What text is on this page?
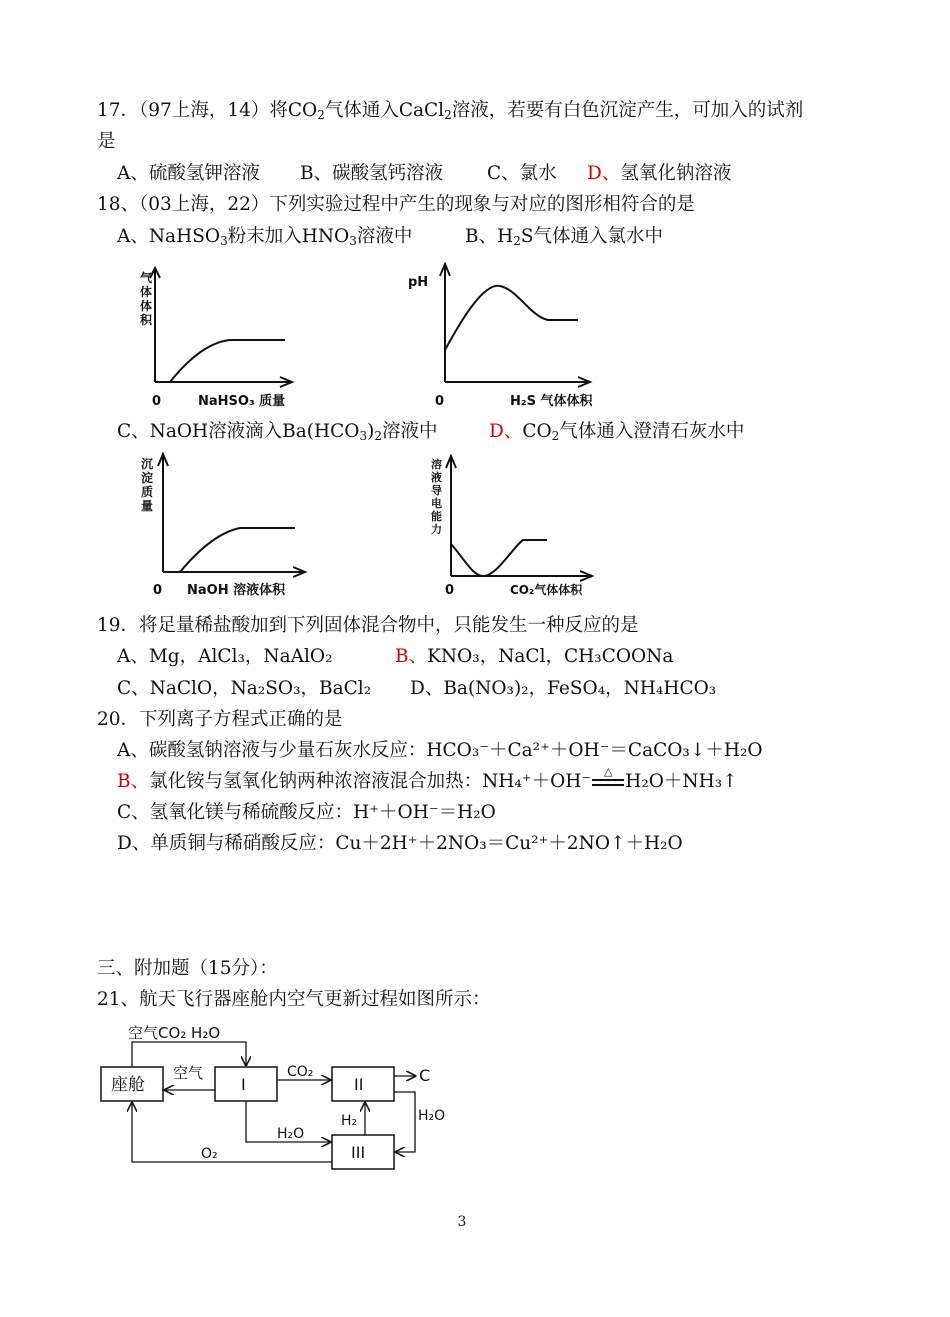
17．（97上海，14）将$CO_2$气体通入CaCl$_2$溶液，若要有白色沉淀产生，可加入的试剂
是
A、硫酸氢钾溶液 B、碳酸氢钙溶液 C、氯水 D、氢氧化钠溶液
18、（03上海，22）下列实验过程中产生的现象与对应的图形相符合的是
A、NaHSO$_3$粉末加入$HNO_3$溶液中	B、$H_2S$气体通入氯水中
气
体
体
积
0	NaHSO₃ 质量
pH
0	H₂S 气体体积
C、NaOH溶液滴入$Ba(HCO_3)_2$溶液中	D、$CO_2$气体通入澄清石灰水中
沉
淀
质
量
0 NaOH 溶液体积
溶
液
导
电
能
力
0	CO₂气体体积
19．将足量稀盐酸加到下列固体混合物中，只能发生一种反应的是
A、Mg，AlCl₃，NaAlO₂	B、KNO₃，NaCl，CH₃COONa
C、NaClO，Na₂SO₃，BaCl₂ D、Ba(NO₃)₂，FeSO₄，NH₄HCO₃
20．下列离子方程式正确的是
A、碳酸氢钠溶液与少量石灰水反应：HCO₃⁻＋Ca²⁺＋OH⁻＝CaCO₃↓＋H₂O
B、氯化铵与氢氧化钠两种浓溶液混合加热：NH₄⁺＋OH⁻	△ H₂O＋NH₃↑
C、氢氧化镁与稀硫酸反应：H⁺＋OH⁻＝H₂O
D、单质铜与稀硝酸反应：Cu＋2H⁺＋2NO₃＝Cu²⁺＋2NO↑＋H₂O
三、附加题（15分）：
21、航天飞行器座舱内空气更新过程如图所示：
座舱	I	II
III
空气CO₂ H₂O
空气	CO₂	C
H₂O
H₂
H₂O
O₂
3
